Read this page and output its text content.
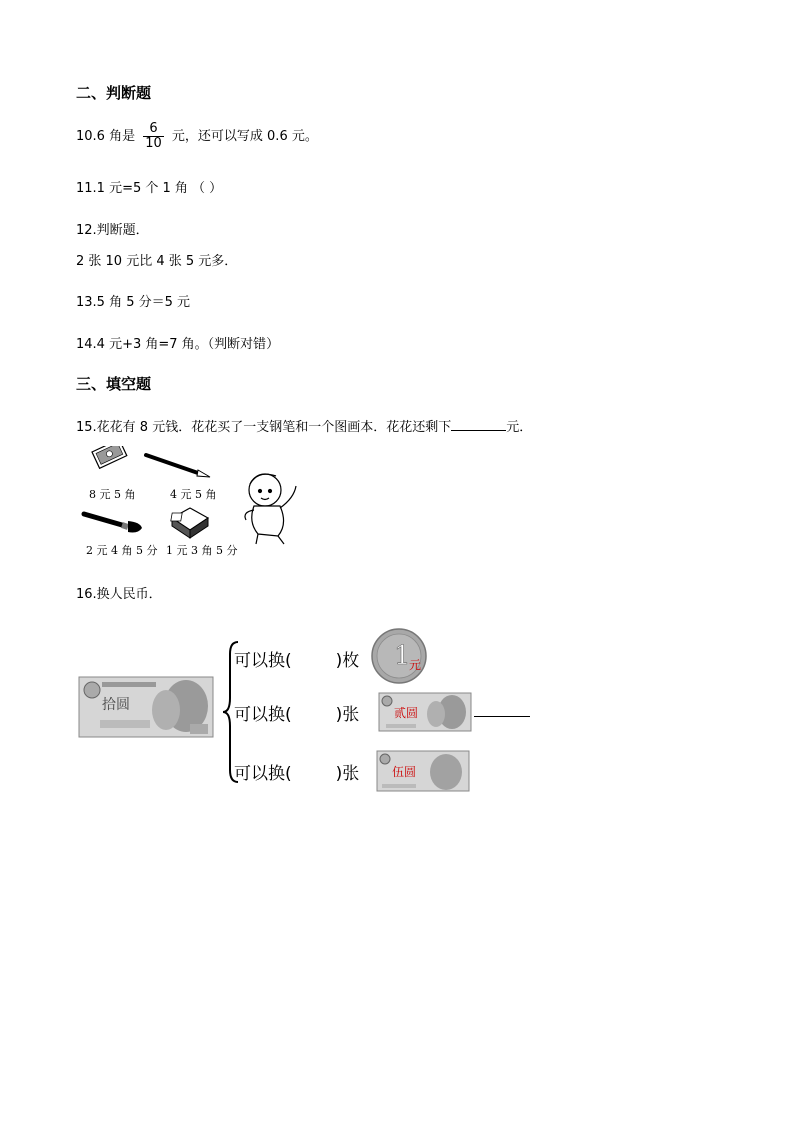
二、判断题
10.6 角是 $\frac{6}{10}$ 元，还可以写成 0.6 元。
11.1 元=5 个 1 角 （ ）
12.判断题．
2 张 10 元比 4 张 5 元多．
13.5 角 5 分＝5 元
14.4 元+3 角=7 角。（判断对错）
三、填空题
15.花花有 8 元钱．花花买了一支钢笔和一个图画本．花花还剩下	元．
8 元 5 角	4 元 5 角
2 元 4 角 5 分 1 元 3 角 5 分
16.换人民币．
拾圆
可以换(	)枚 1
元
可以换(	)张	贰圆
可以换(	)张	伍圆
